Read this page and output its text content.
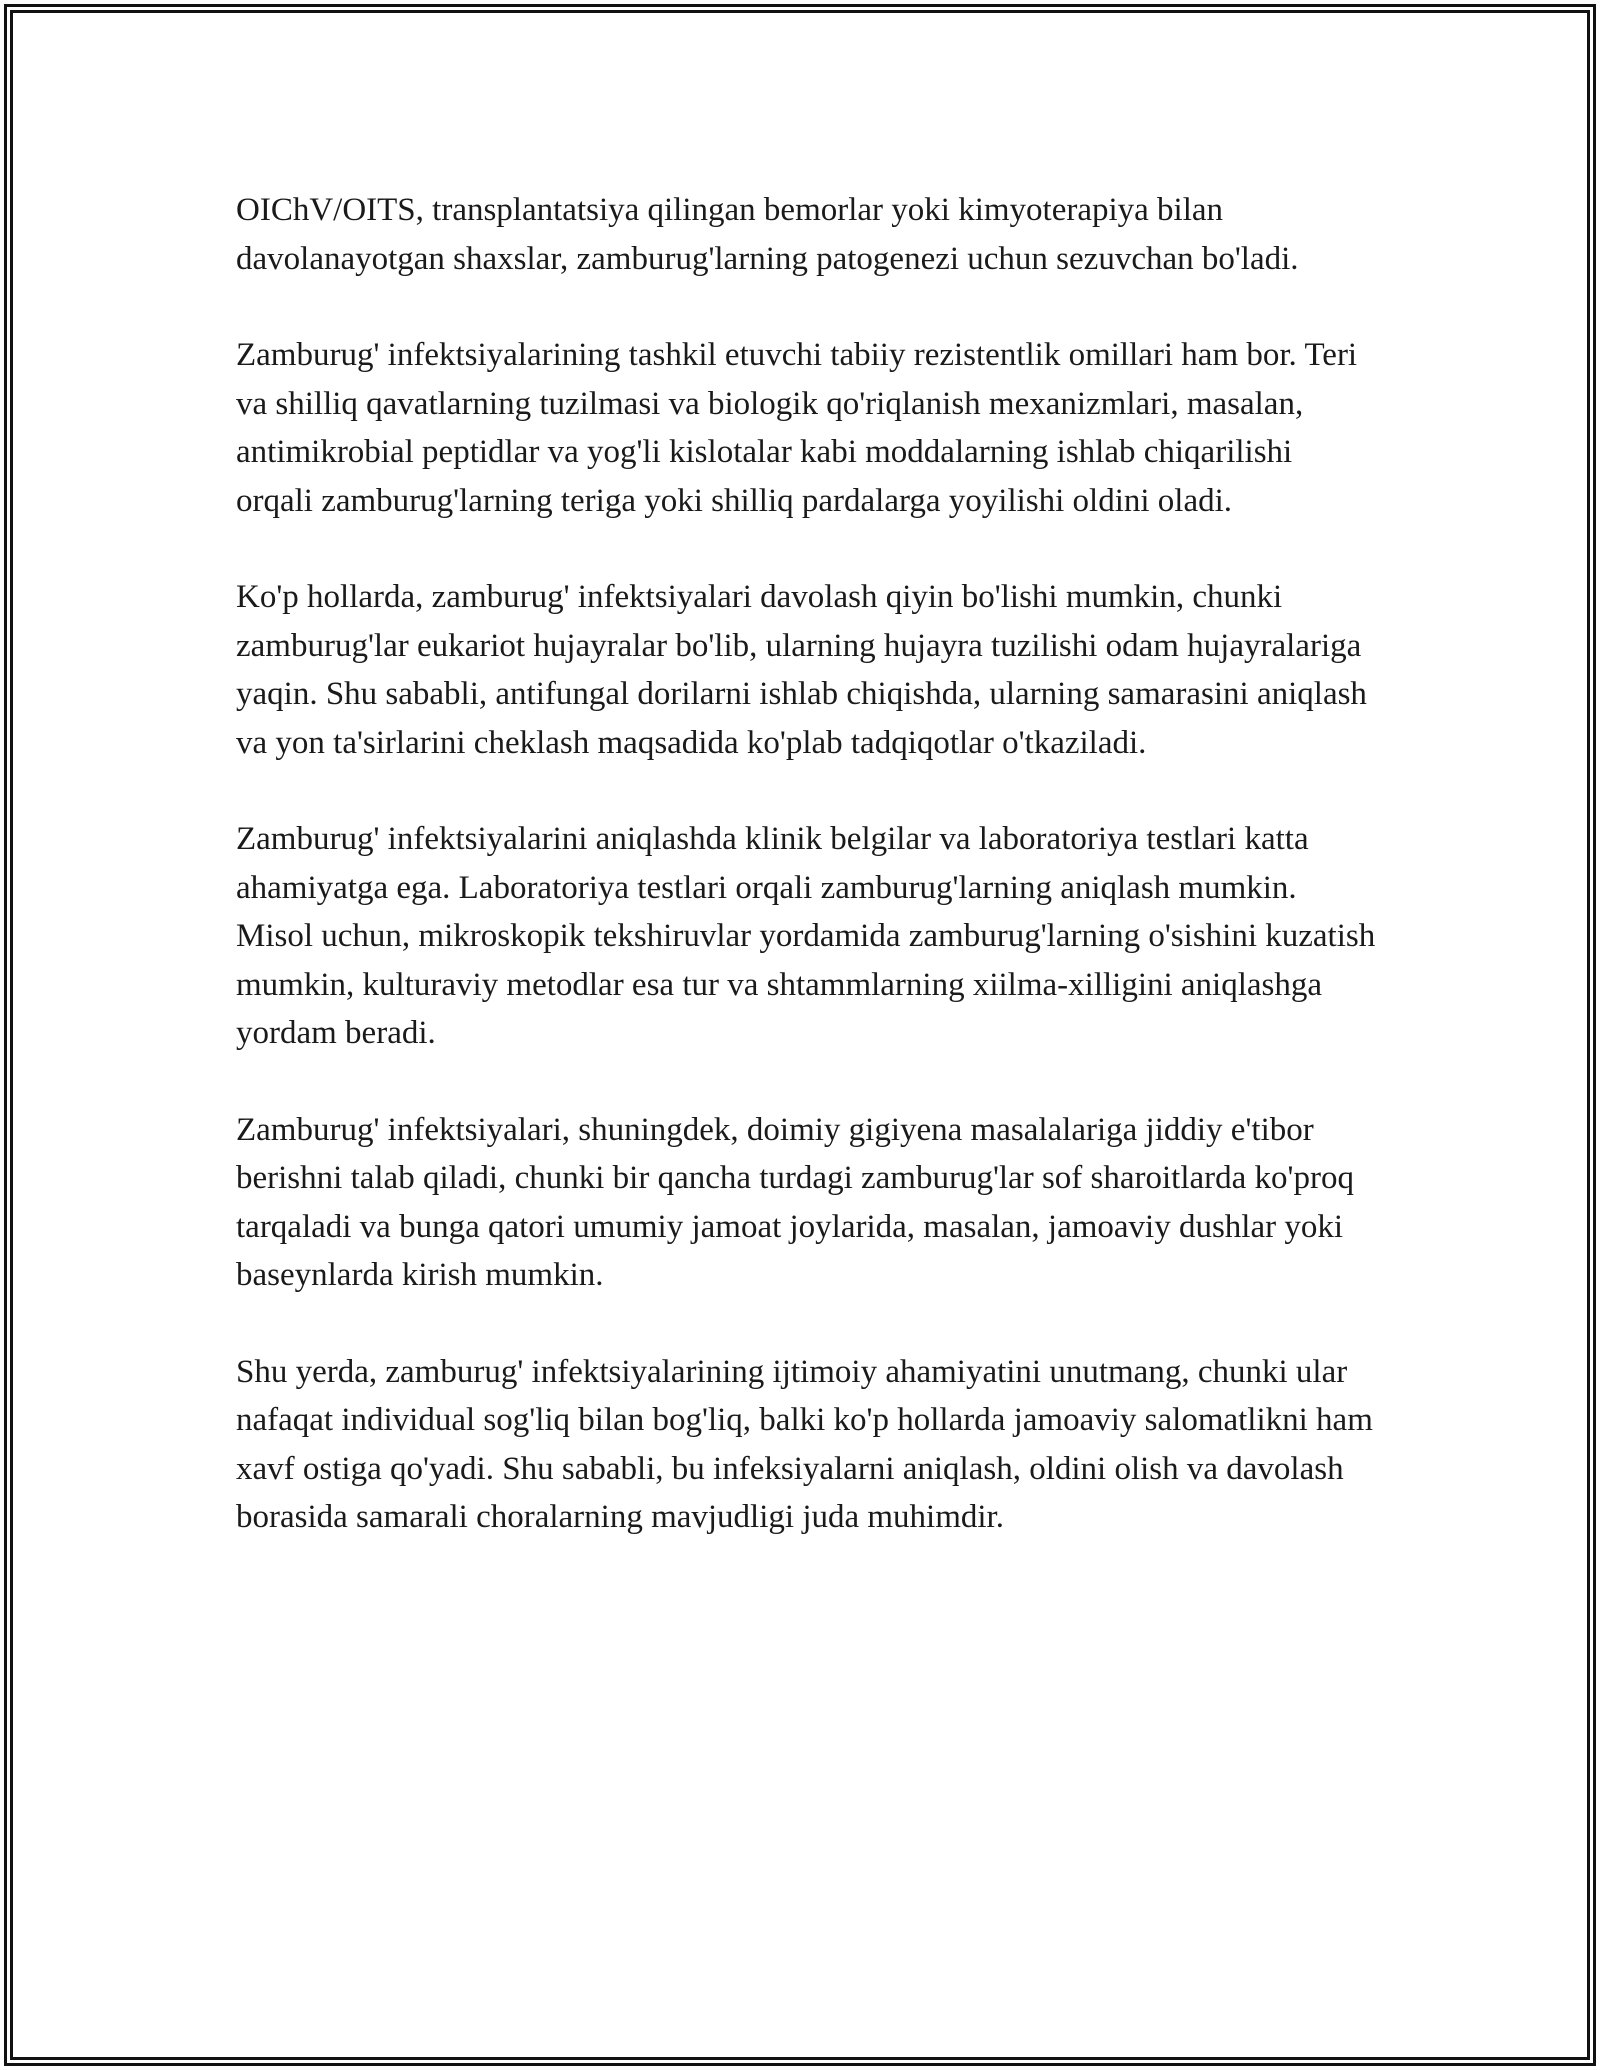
OIChV/OITS, transplantatsiya qilingan bemorlar yoki kimyoterapiya bilan davolanayotgan shaxslar, zamburug'larning patogenezi uchun sezuvchan bo'ladi.

Zamburug' infektsiyalarining tashkil etuvchi tabiiy rezistentlik omillari ham bor. Teri va shilliq qavatlarning tuzilmasi va biologik qo'riqlanish mexanizmlari, masalan, antimikrobial peptidlar va yog'li kislotalar kabi moddalarning ishlab chiqarilishi orqali zamburug'larning teriga yoki shilliq pardalarga yoyilishi oldini oladi.

Ko'p hollarda, zamburug' infektsiyalari davolash qiyin bo'lishi mumkin, chunki zamburug'lar eukariot hujayralar bo'lib, ularning hujayra tuzilishi odam hujayralariga yaqin. Shu sababli, antifungal dorilarni ishlab chiqishda, ularning samarasini aniqlash va yon ta'sirlarini cheklash maqsadida ko'plab tadqiqotlar o'tkaziladi.

Zamburug' infektsiyalarini aniqlashda klinik belgilar va laboratoriya testlari katta ahamiyatga ega. Laboratoriya testlari orqali zamburug'larning aniqlash mumkin. Misol uchun, mikroskopik tekshiruvlar yordamida zamburug'larning o'sishini kuzatish mumkin, kulturaviy metodlar esa tur va shtammlarning xiilma-xilligini aniqlashga yordam beradi.

Zamburug' infektsiyalari, shuningdek, doimiy gigiyena masalalariga jiddiy e'tibor berishni talab qiladi, chunki bir qancha turdagi zamburug'lar sof sharoitlarda ko'proq tarqaladi va bunga qatori umumiy jamoat joylarida, masalan, jamoaviy dushlar yoki baseynlarda kirish mumkin.

Shu yerda, zamburug' infektsiyalarining ijtimoiy ahamiyatini unutmang, chunki ular nafaqat individual sog'liq bilan bog'liq, balki ko'p hollarda jamoaviy salomatlikni ham xavf ostiga qo'yadi. Shu sababli, bu infeksiyalarni aniqlash, oldini olish va davolash borasida samarali choralarning mavjudligi juda muhimdir.
